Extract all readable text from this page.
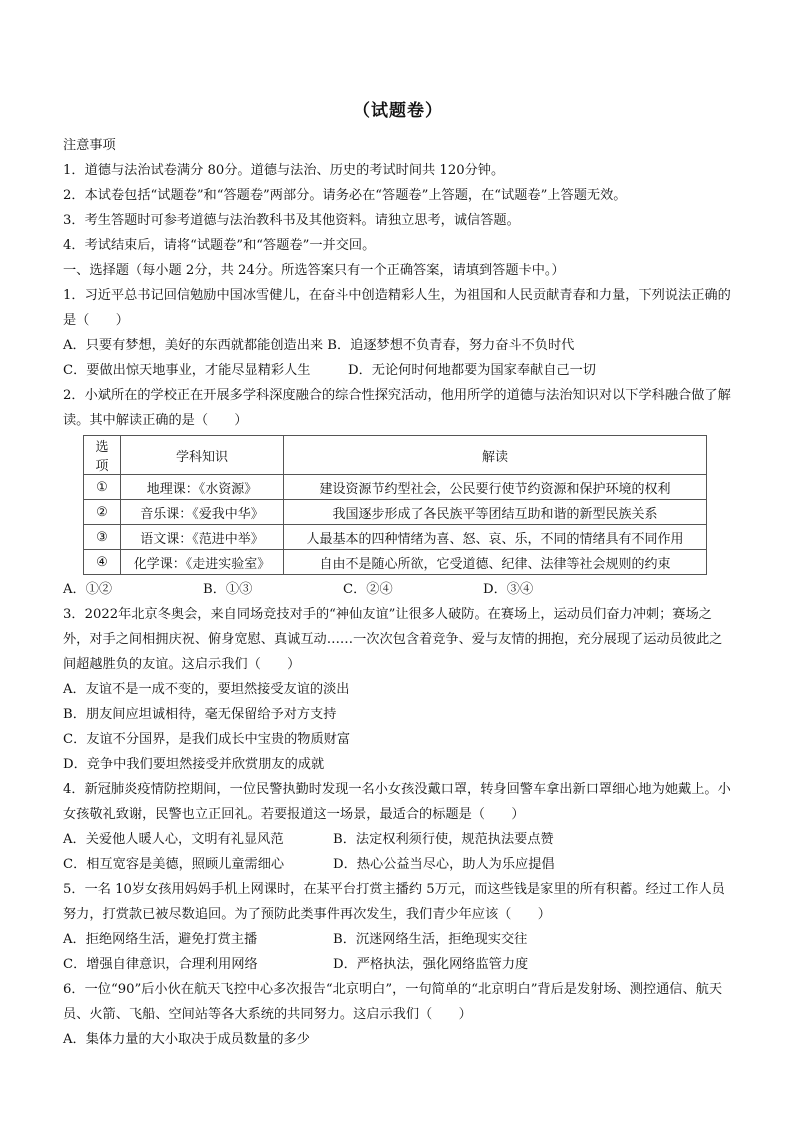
（试题卷）

注意事项

1．道德与法治试卷满分 80分。道德与法治、历史的考试时间共 120分钟。

2．本试卷包括“试题卷”和“答题卷”两部分。请务必在“答题卷”上答题，在“试题卷”上答题无效。

3．考生答题时可参考道德与法治教科书及其他资料。请独立思考，诚信答题。

4．考试结束后，请将“试题卷”和“答题卷”一并交回。

一、选择题（每小题 2分，共 24分。所选答案只有一个正确答案，请填到答题卡中。）

1．习近平总书记回信勉励中国冰雪健儿，在奋斗中创造精彩人生，为祖国和人民贡献青春和力量，下列说法正确的是（　　）

A．只要有梦想，美好的东西就都能创造出来 B．追逐梦想不负青春，努力奋斗不负时代

C．要做出惊天地事业，才能尽显精彩人生	D．无论何时何地都要为国家奉献自己一切

2．小斌所在的学校正在开展多学科深度融合的综合性探究活动，他用所学的道德与法治知识对以下学科融合做了解读。其中解读正确的是（　　）

选项	学科知识	解读
①	地理课：《水资源》	建设资源节约型社会，公民要行使节约资源和保护环境的权利
②	音乐课：《爱我中华》	我国逐步形成了各民族平等团结互助和谐的新型民族关系
③	语文课：《范进中举》	人最基本的四种情绪为喜、怒、哀、乐，不同的情绪具有不同作用
④	化学课：《走进实验室》	自由不是随心所欲，它受道德、纪律、法律等社会规则的约束
A．①②	B．①③	C．②④	D．③④

3．2022年北京冬奥会，来自同场竞技对手的“神仙友谊”让很多人破防。在赛场上，运动员们奋力冲刺；赛场之外，对手之间相拥庆祝、俯身宽慰、真诚互动……一次次包含着竞争、爱与友情的拥抱，充分展现了运动员彼此之间超越胜负的友谊。这启示我们（　　）

A．友谊不是一成不变的，要坦然接受友谊的淡出

B．朋友间应坦诚相待，毫无保留给予对方支持

C．友谊不分国界，是我们成长中宝贵的物质财富

D．竞争中我们要坦然接受并欣赏朋友的成就

4．新冠肺炎疫情防控期间，一位民警执勤时发现一名小女孩没戴口罩，转身回警车拿出新口罩细心地为她戴上。小女孩敬礼致谢，民警也立正回礼。若要报道这一场景，最适合的标题是（　　）

A．关爱他人暖人心，文明有礼显风范	B．法定权利须行使，规范执法要点赞
C．相互宽容是美德，照顾儿童需细心	D．热心公益当尽心，助人为乐应提倡

5．一名 10岁女孩用妈妈手机上网课时，在某平台打赏主播约 5万元，而这些钱是家里的所有积蓄。经过工作人员努力，打赏款已被尽数追回。为了预防此类事件再次发生，我们青少年应该（　　）

A．拒绝网络生活，避免打赏主播	B．沉迷网络生活，拒绝现实交往
C．增强自律意识，合理利用网络	D．严格执法，强化网络监管力度

6．一位“90”后小伙在航天飞控中心多次报告“北京明白”，一句简单的“北京明白”背后是发射场、测控通信、航天员、火箭、飞船、空间站等各大系统的共同努力。这启示我们（　　）

A．集体力量的大小取决于成员数量的多少
